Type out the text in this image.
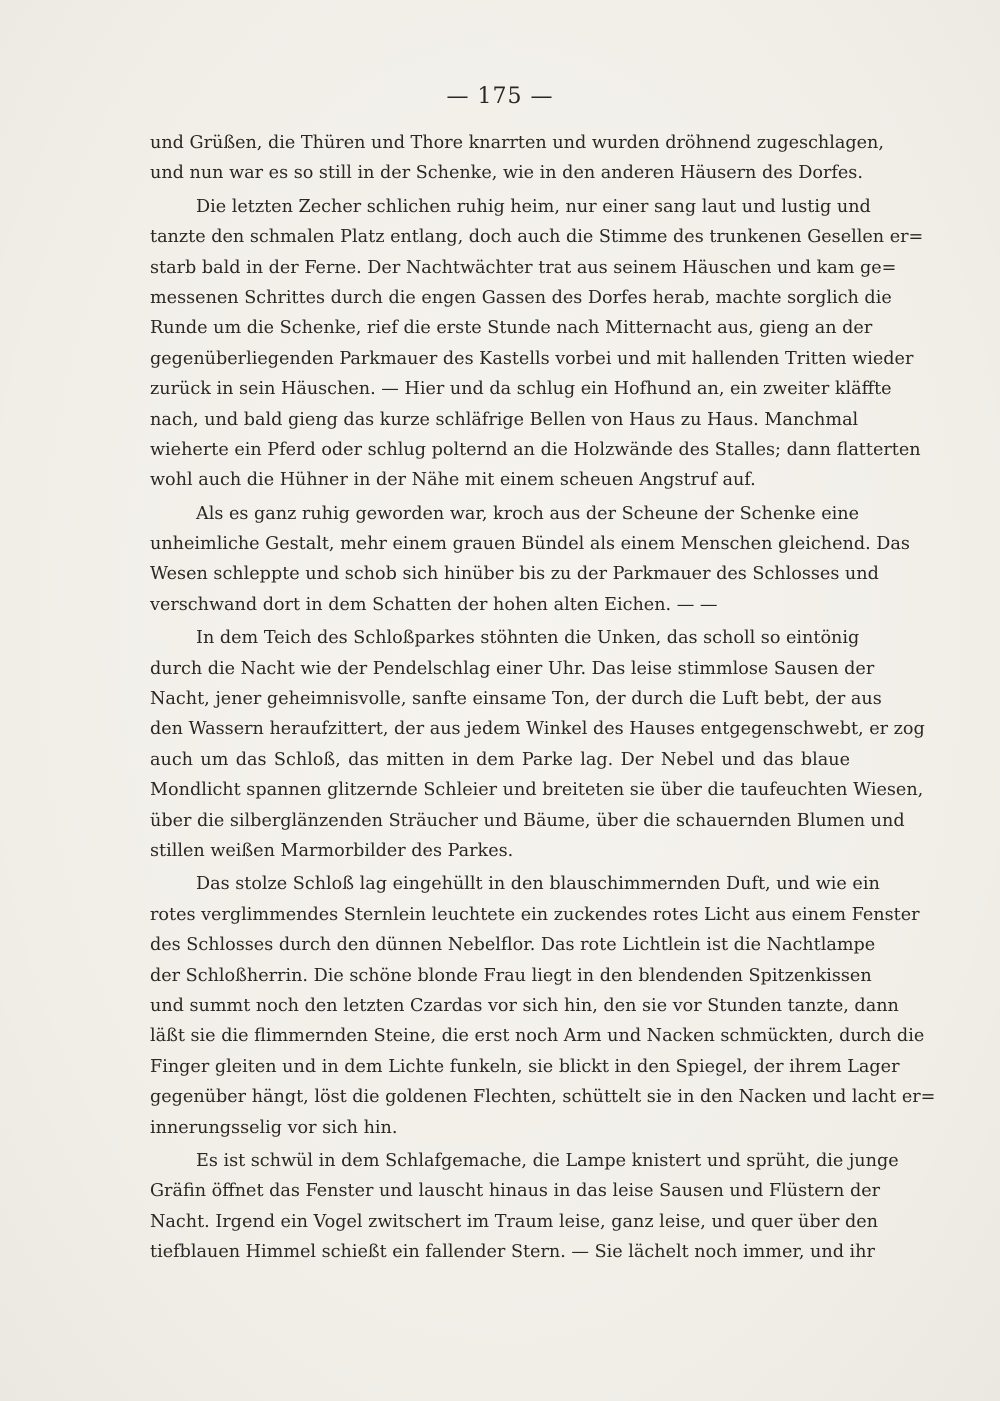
— 175 —
und Grüßen, die Thüren und Thore knarrten und wurden dröhnend zugeschlagen,
und nun war es so still in der Schenke, wie in den anderen Häusern des Dorfes.
Die letzten Zecher schlichen ruhig heim, nur einer sang laut und lustig und
tanzte den schmalen Platz entlang, doch auch die Stimme des trunkenen Gesellen er=
starb bald in der Ferne. Der Nachtwächter trat aus seinem Häuschen und kam ge=
messenen Schrittes durch die engen Gassen des Dorfes herab, machte sorglich die
Runde um die Schenke, rief die erste Stunde nach Mitternacht aus, gieng an der
gegenüberliegenden Parkmauer des Kastells vorbei und mit hallenden Tritten wieder
zurück in sein Häuschen. — Hier und da schlug ein Hofhund an, ein zweiter kläffte
nach, und bald gieng das kurze schläfrige Bellen von Haus zu Haus. Manchmal
wieherte ein Pferd oder schlug polternd an die Holzwände des Stalles; dann flatterten
wohl auch die Hühner in der Nähe mit einem scheuen Angstruf auf.
Als es ganz ruhig geworden war, kroch aus der Scheune der Schenke eine
unheimliche Gestalt, mehr einem grauen Bündel als einem Menschen gleichend. Das
Wesen schleppte und schob sich hinüber bis zu der Parkmauer des Schlosses und
verschwand dort in dem Schatten der hohen alten Eichen. — —
In dem Teich des Schloßparkes stöhnten die Unken, das scholl so eintönig
durch die Nacht wie der Pendelschlag einer Uhr. Das leise stimmlose Sausen der
Nacht, jener geheimnisvolle, sanfte einsame Ton, der durch die Luft bebt, der aus
den Wassern heraufzittert, der aus jedem Winkel des Hauses entgegenschwebt, er zog
auch um das Schloß, das mitten in dem Parke lag. Der Nebel und das blaue
Mondlicht spannen glitzernde Schleier und breiteten sie über die taufeuchten Wiesen,
über die silberglänzenden Sträucher und Bäume, über die schauernden Blumen und
stillen weißen Marmorbilder des Parkes.
Das stolze Schloß lag eingehüllt in den blauschimmernden Duft, und wie ein
rotes verglimmendes Sternlein leuchtete ein zuckendes rotes Licht aus einem Fenster
des Schlosses durch den dünnen Nebelflor. Das rote Lichtlein ist die Nachtlampe
der Schloßherrin. Die schöne blonde Frau liegt in den blendenden Spitzenkissen
und summt noch den letzten Czardas vor sich hin, den sie vor Stunden tanzte, dann
läßt sie die flimmernden Steine, die erst noch Arm und Nacken schmückten, durch die
Finger gleiten und in dem Lichte funkeln, sie blickt in den Spiegel, der ihrem Lager
gegenüber hängt, löst die goldenen Flechten, schüttelt sie in den Nacken und lacht er=
innerungsselig vor sich hin.
Es ist schwül in dem Schlafgemache, die Lampe knistert und sprüht, die junge
Gräfin öffnet das Fenster und lauscht hinaus in das leise Sausen und Flüstern der
Nacht. Irgend ein Vogel zwitschert im Traum leise, ganz leise, und quer über den
tiefblauen Himmel schießt ein fallender Stern. — Sie lächelt noch immer, und ihr
